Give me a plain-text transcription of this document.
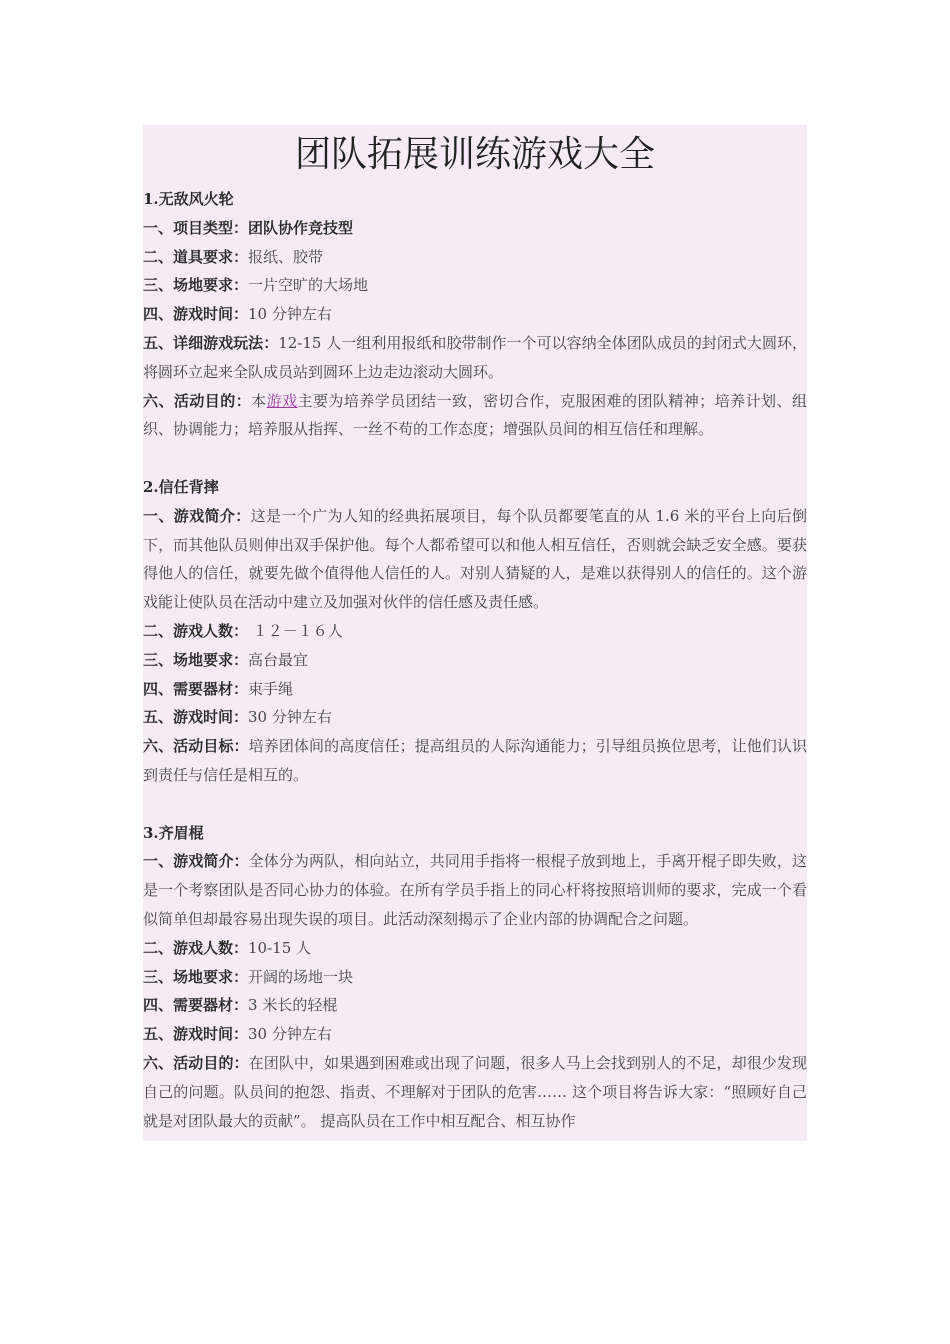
团队拓展训练游戏大全

1.无敌风火轮

一、项目类型：团队协作竞技型

二、道具要求：报纸、胶带

三、场地要求：一片空旷的大场地

四、游戏时间：10 分钟左右

五、详细游戏玩法：12-15 人一组利用报纸和胶带制作一个可以容纳全体团队成员的封闭式大圆环，将圆环立起来全队成员站到圆环上边走边滚动大圆环。

六、活动目的：本游戏主要为培养学员团结一致，密切合作，克服困难的团队精神；培养计划、组织、协调能力；培养服从指挥、一丝不苟的工作态度；增强队员间的相互信任和理解。

2.信任背摔

一、游戏简介：这是一个广为人知的经典拓展项目，每个队员都要笔直的从 1.6 米的平台上向后倒下，而其他队员则伸出双手保护他。每个人都希望可以和他人相互信任，否则就会缺乏安全感。要获得他人的信任，就要先做个值得他人信任的人。对别人猜疑的人，是难以获得别人的信任的。这个游戏能让使队员在活动中建立及加强对伙伴的信任感及责任感。

二、游戏人数： １２－１６人

三、场地要求：高台最宜

四、需要器材：束手绳

五、游戏时间：30 分钟左右

六、活动目标：培养团体间的高度信任；提高组员的人际沟通能力；引导组员换位思考，让他们认识到责任与信任是相互的。

3.齐眉棍

一、游戏简介：全体分为两队，相向站立，共同用手指将一根棍子放到地上，手离开棍子即失败，这是一个考察团队是否同心协力的体验。在所有学员手指上的同心杆将按照培训师的要求，完成一个看似简单但却最容易出现失误的项目。此活动深刻揭示了企业内部的协调配合之问题。

二、游戏人数：10-15 人

三、场地要求：开阔的场地一块

四、需要器材：3 米长的轻棍

五、游戏时间：30 分钟左右

六、活动目的：在团队中，如果遇到困难或出现了问题，很多人马上会找到别人的不足，却很少发现自己的问题。队员间的抱怨、指责、不理解对于团队的危害…… 这个项目将告诉大家：“照顾好自己就是对团队最大的贡献”。 提高队员在工作中相互配合、相互协作
